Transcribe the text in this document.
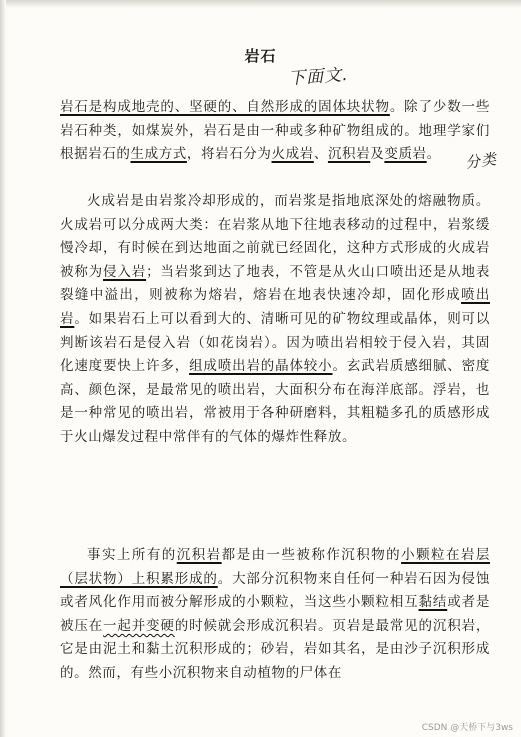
岩石
下面文.
分类
岩石是构成地壳的、坚硬的、自然形成的固体块状物。除了少数一些岩石种类，如煤炭外，岩石是由一种或多种矿物组成的。地理学家们根据岩石的生成方式，将岩石分为火成岩、沉积岩及变质岩。
火成岩是由岩浆冷却形成的，而岩浆是指地底深处的熔融物质。火成岩可以分成两大类：在岩浆从地下往地表移动的过程中，岩浆缓慢冷却，有时候在到达地面之前就已经固化，这种方式形成的火成岩被称为侵入岩；当岩浆到达了地表，不管是从火山口喷出还是从地表裂缝中溢出，则被称为熔岩，熔岩在地表快速冷却，固化形成喷出岩。如果岩石上可以看到大的、清晰可见的矿物纹理或晶体，则可以判断该岩石是侵入岩（如花岗岩）。因为喷出岩相较于侵入岩，其固化速度要快上许多，组成喷出岩的晶体较小。玄武岩质感细腻、密度高、颜色深，是最常见的喷出岩，大面积分布在海洋底部。浮岩，也是一种常见的喷出岩，常被用于各种研磨料，其粗糙多孔的质感形成于火山爆发过程中常伴有的气体的爆炸性释放。
事实上所有的沉积岩都是由一些被称作沉积物的小颗粒在岩层（层状物）上积累形成的。大部分沉积物来自任何一种岩石因为侵蚀或者风化作用而被分解形成的小颗粒，当这些小颗粒相互黏结或者是被压在一起并变硬的时候就会形成沉积岩。页岩是最常见的沉积岩，它是由泥土和黏土沉积形成的；砂岩，岩如其名，是由沙子沉积形成的。然而，有些小沉积物来自动植物的尸体在
CSDN @天桥下与3ws
